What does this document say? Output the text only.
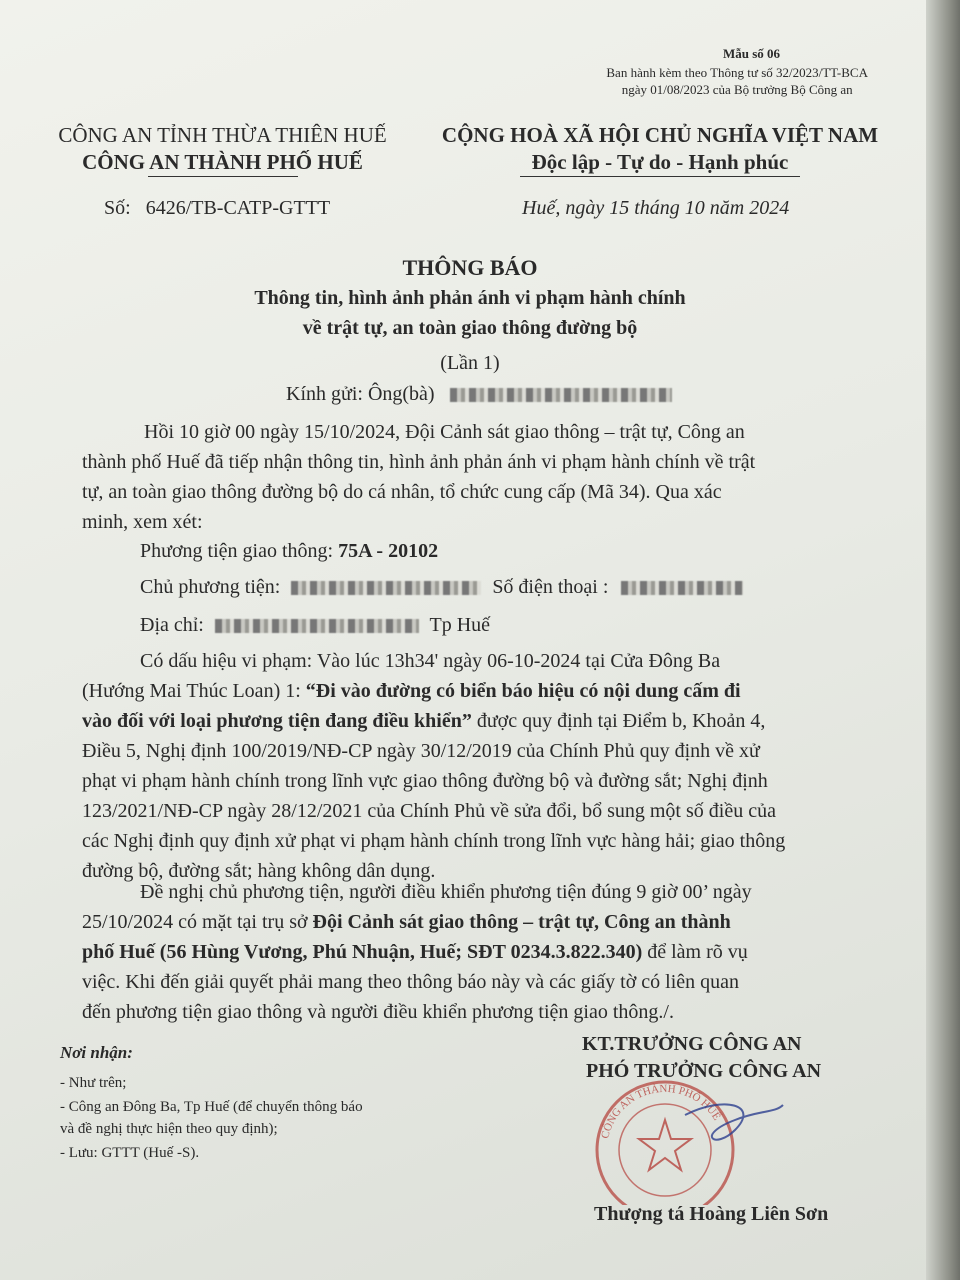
Mẫu số 06
Ban hành kèm theo Thông tư số 32/2023/TT-BCA
ngày 01/08/2023 của Bộ trưởng Bộ Công an
CÔNG AN TỈNH THỪA THIÊN HUẾ
CÔNG AN THÀNH PHỐ HUẾ
CỘNG HOÀ XÃ HỘI CHỦ NGHĨA VIỆT NAM
Độc lập - Tự do - Hạnh phúc
Số: 6426/TB-CATP-GTTT	Huế, ngày 15 tháng 10 năm 2024
THÔNG BÁO
Thông tin, hình ảnh phản ánh vi phạm hành chính
về trật tự, an toàn giao thông đường bộ
(Lần 1)
Kính gửi: Ông(bà)
Hồi 10 giờ 00 ngày 15/10/2024, Đội Cảnh sát giao thông – trật tự, Công an
thành phố Huế đã tiếp nhận thông tin, hình ảnh phản ánh vi phạm hành chính về trật
tự, an toàn giao thông đường bộ do cá nhân, tổ chức cung cấp (Mã 34). Qua xác
minh, xem xét:
Phương tiện giao thông: 75A - 20102
Chủ phương tiện:	Số điện thoại :
Địa chỉ:	Tp Huế
Có dấu hiệu vi phạm: Vào lúc 13h34' ngày 06-10-2024 tại Cửa Đông Ba
(Hướng Mai Thúc Loan) 1: “Đi vào đường có biển báo hiệu có nội dung cấm đi
vào đối với loại phương tiện đang điều khiển” được quy định tại Điểm b, Khoản 4,
Điều 5, Nghị định 100/2019/NĐ-CP ngày 30/12/2019 của Chính Phủ quy định về xử
phạt vi phạm hành chính trong lĩnh vực giao thông đường bộ và đường sắt; Nghị định
123/2021/NĐ-CP ngày 28/12/2021 của Chính Phủ về sửa đổi, bổ sung một số điều của
các Nghị định quy định xử phạt vi phạm hành chính trong lĩnh vực hàng hải; giao thông
đường bộ, đường sắt; hàng không dân dụng.
Đề nghị chủ phương tiện, người điều khiển phương tiện đúng 9 giờ 00’ ngày
25/10/2024 có mặt tại trụ sở Đội Cảnh sát giao thông – trật tự, Công an thành
phố Huế (56 Hùng Vương, Phú Nhuận, Huế; SĐT 0234.3.822.340) để làm rõ vụ
việc. Khi đến giải quyết phải mang theo thông báo này và các giấy tờ có liên quan
đến phương tiện giao thông và người điều khiển phương tiện giao thông./.
Nơi nhận:
- Như trên;
- Công an Đông Ba, Tp Huế (để chuyển thông báo
và đề nghị thực hiện theo quy định);
- Lưu: GTTT (Huế -S).
KT.TRƯỞNG CÔNG AN
PHÓ TRƯỞNG CÔNG AN
CÔNG AN THÀNH PHỐ HUẾ
Thượng tá Hoàng Liên Sơn
